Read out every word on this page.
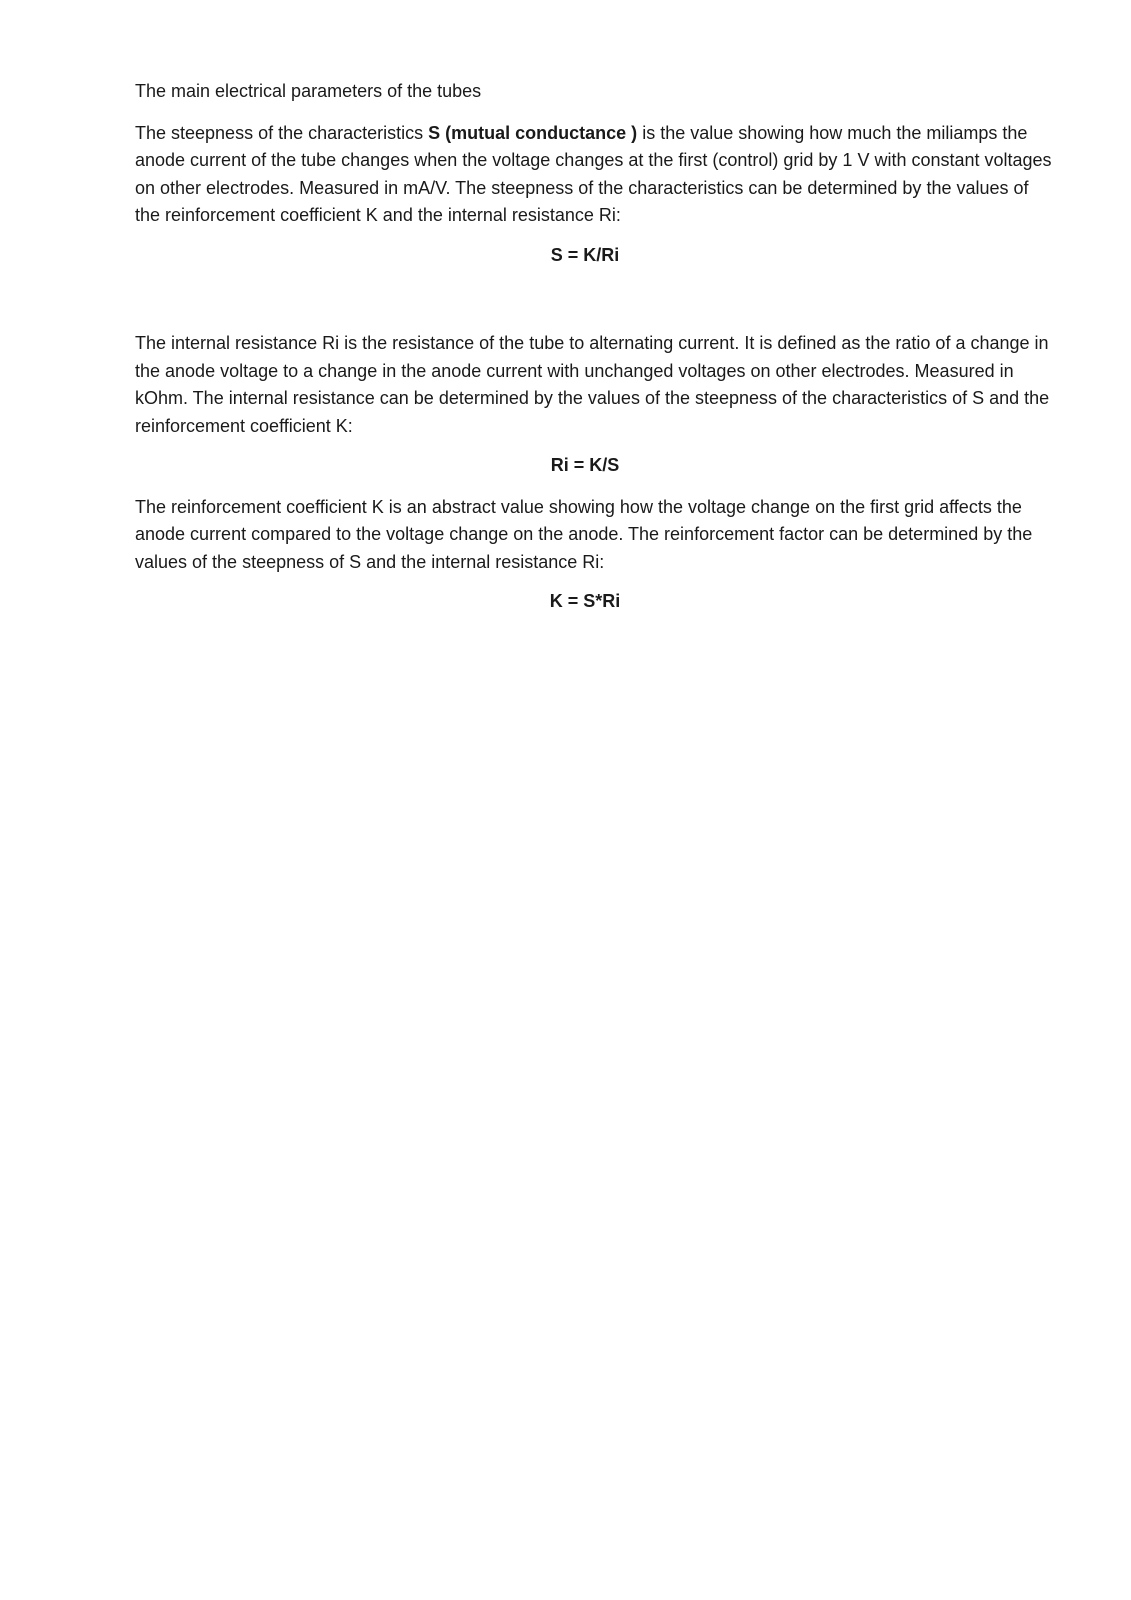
The main electrical parameters of the tubes

The steepness of the characteristics S (mutual conductance ) is the value showing how much the miliamps the anode current of the tube changes when the voltage changes at the first (control) grid by 1 V with constant voltages on other electrodes. Measured in mA/V. The steepness of the characteristics can be determined by the values of the reinforcement coefficient K and the internal resistance Ri:

S = K/Ri

The internal resistance Ri is the resistance of the tube to alternating current. It is defined as the ratio of a change in the anode voltage to a change in the anode current with unchanged voltages on other electrodes. Measured in kOhm. The internal resistance can be determined by the values of the steepness of the characteristics of S and the reinforcement coefficient K:

Ri = K/S

The reinforcement coefficient K is an abstract value showing how the voltage change on the first grid affects the anode current compared to the voltage change on the anode. The reinforcement factor can be determined by the values of the steepness of S and the internal resistance Ri:

K = S*Ri
